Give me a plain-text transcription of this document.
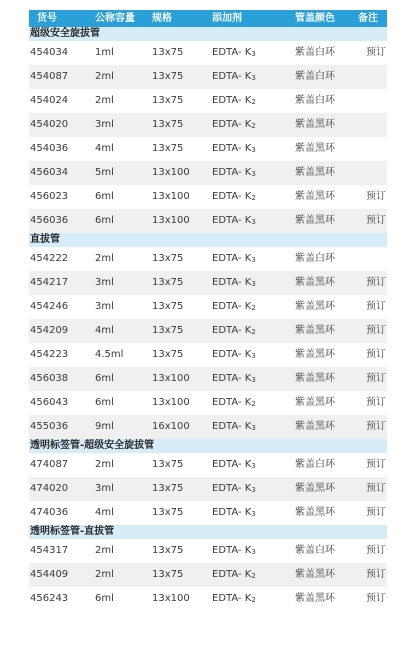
货号	公称容量 规格	添加剂	管盖颜色 备注
超级安全旋拔管
454034	1ml	13x75	EDTA- $K_3$	紫盖白环	预订
454087	2ml	13x75	EDTA- $K_3$	紫盖白环
454024	2ml	13x75	EDTA- $K_2$	紫盖白环
454020	3ml	13x75	EDTA- $K_2$	紫盖黑环
454036	4ml	13x75	EDTA- $K_3$	紫盖黑环
456034	5ml	13x100 EDTA- $K_3$	紫盖黑环
456023	6ml	13x100 EDTA- $K_2$	紫盖黑环	预订
456036	6ml	13x100 EDTA- $K_3$	紫盖黑环	预订
直拔管
454222	2ml	13x75	EDTA- $K_3$	紫盖白环
454217	3ml	13x75	EDTA- $K_3$	紫盖黑环	预订
454246	3ml	13x75	EDTA- $K_2$	紫盖黑环	预订
454209	4ml	13x75	EDTA- $K_2$	紫盖黑环	预订
454223	4.5ml	13x75	EDTA- $K_3$	紫盖黑环	预订
456038	6ml	13x100 EDTA- $K_3$	紫盖黑环	预订
456043	6ml	13x100 EDTA- $K_2$	紫盖黑环	预订
455036	9ml	16x100 EDTA- $K_3$	紫盖黑环	预订
透明标签管-超级安全旋拔管
474087	2ml	13x75	EDTA- $K_3$	紫盖白环	预订
474020	3ml	13x75	EDTA- $K_3$	紫盖黑环	预订
474036	4ml	13x75	EDTA- $K_3$	紫盖黑环	预订
透明标签管-直拔管
454317	2ml	13x75	EDTA- $K_3$	紫盖白环	预订
454409	2ml	13x75	EDTA- $K_2$	紫盖黑环	预订
456243	6ml	13x100 EDTA- $K_2$	紫盖黑环	预订
